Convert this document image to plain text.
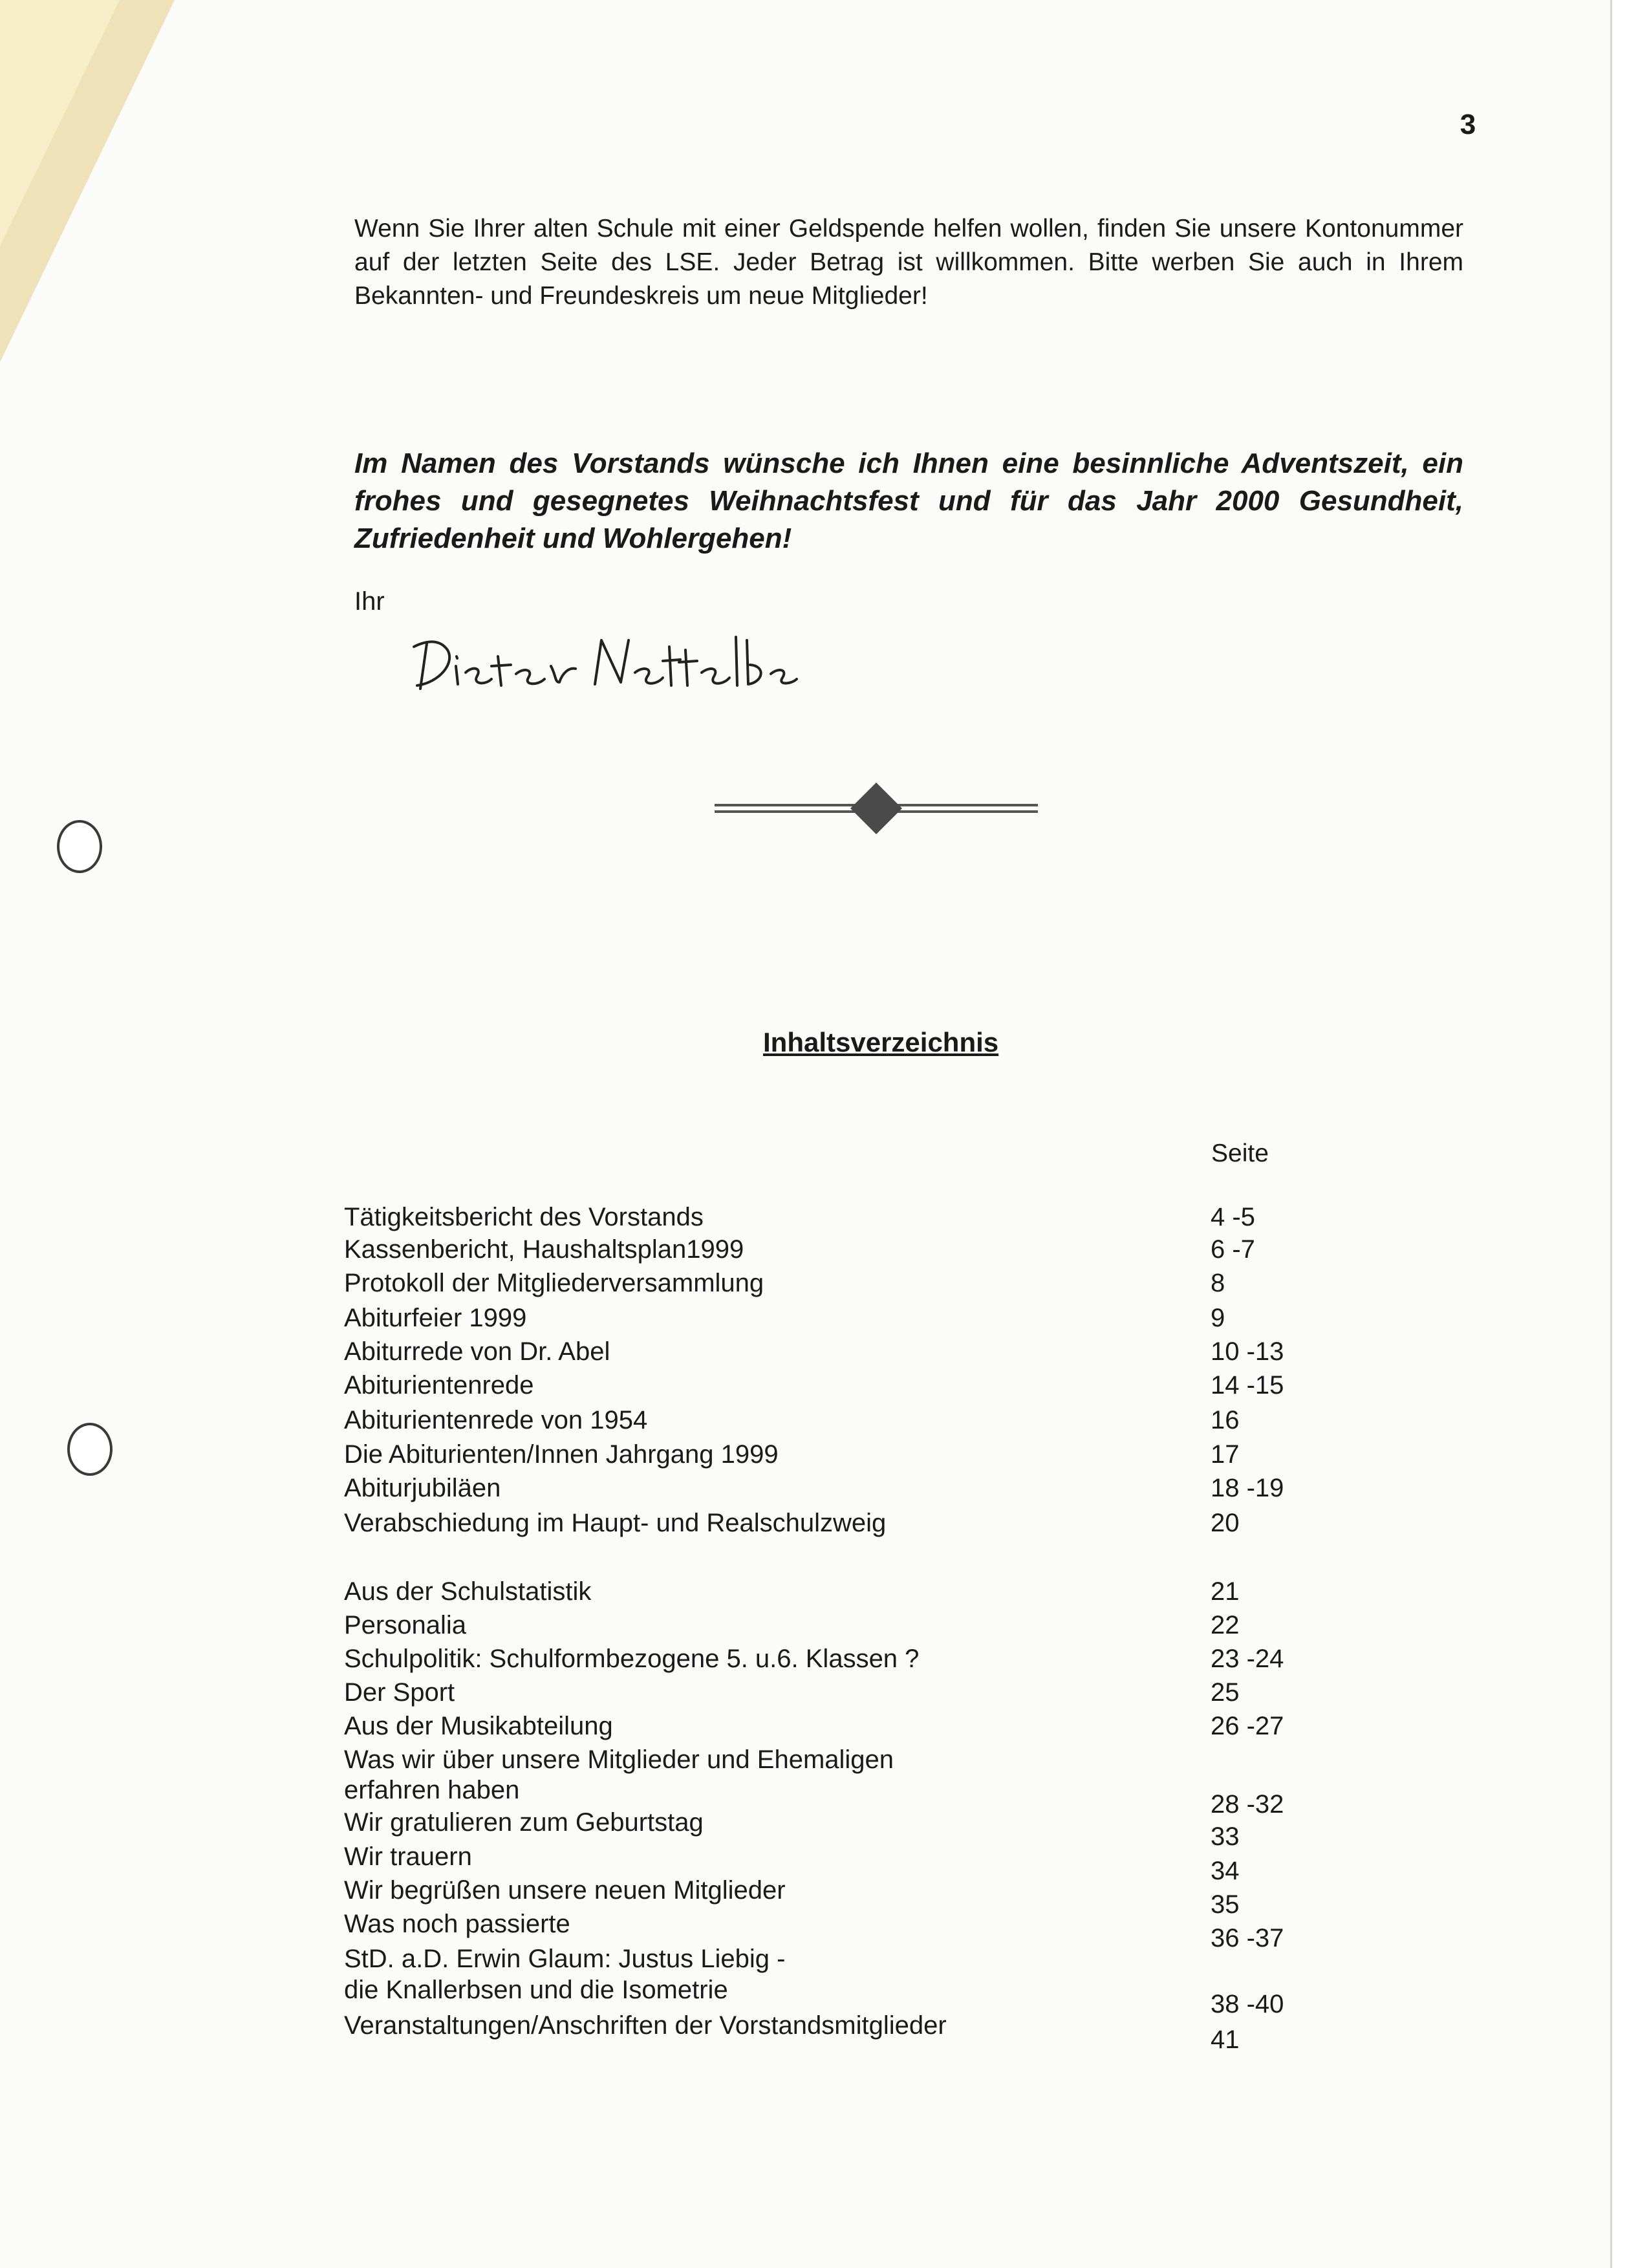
3
Wenn Sie Ihrer alten Schule mit einer Geldspende helfen wollen, finden Sie unsere Kontonummer auf der letzten Seite des LSE. Jeder Betrag ist willkommen. Bitte werben Sie auch in Ihrem Bekannten- und Freundeskreis um neue Mitglieder!
Im Namen des Vorstands wünsche ich Ihnen eine besinnliche Adventszeit, ein frohes und gesegnetes Weihnachtsfest und für das Jahr 2000 Gesundheit, Zufriedenheit und Wohlergehen!
Ihr
Inhaltsverzeichnis
Seite
Tätigkeitsbericht des Vorstands	4 -5
Kassenbericht, Haushaltsplan1999	6 -7
Protokoll der Mitgliederversammlung	8
Abiturfeier 1999	9
Abiturrede von Dr. Abel	10 -13
Abiturientenrede	14 -15
Abiturientenrede von 1954	16
Die Abiturienten/Innen Jahrgang 1999	17
Abiturjubiläen	18 -19
Verabschiedung im Haupt- und Realschulzweig	20
Aus der Schulstatistik	21
Personalia	22
Schulpolitik: Schulformbezogene 5. u.6. Klassen ?	23 -24
Der Sport	25
Aus der Musikabteilung	26 -27
Was wir über unsere Mitglieder und Ehemaligen
erfahren haben	28 -32
Wir gratulieren zum Geburtstag	33
Wir trauern	34
Wir begrüßen unsere neuen Mitglieder	35
Was noch passierte	36 -37
StD. a.D. Erwin Glaum: Justus Liebig -
die Knallerbsen und die Isometrie	38 -40
Veranstaltungen/Anschriften der Vorstandsmitglieder	41
